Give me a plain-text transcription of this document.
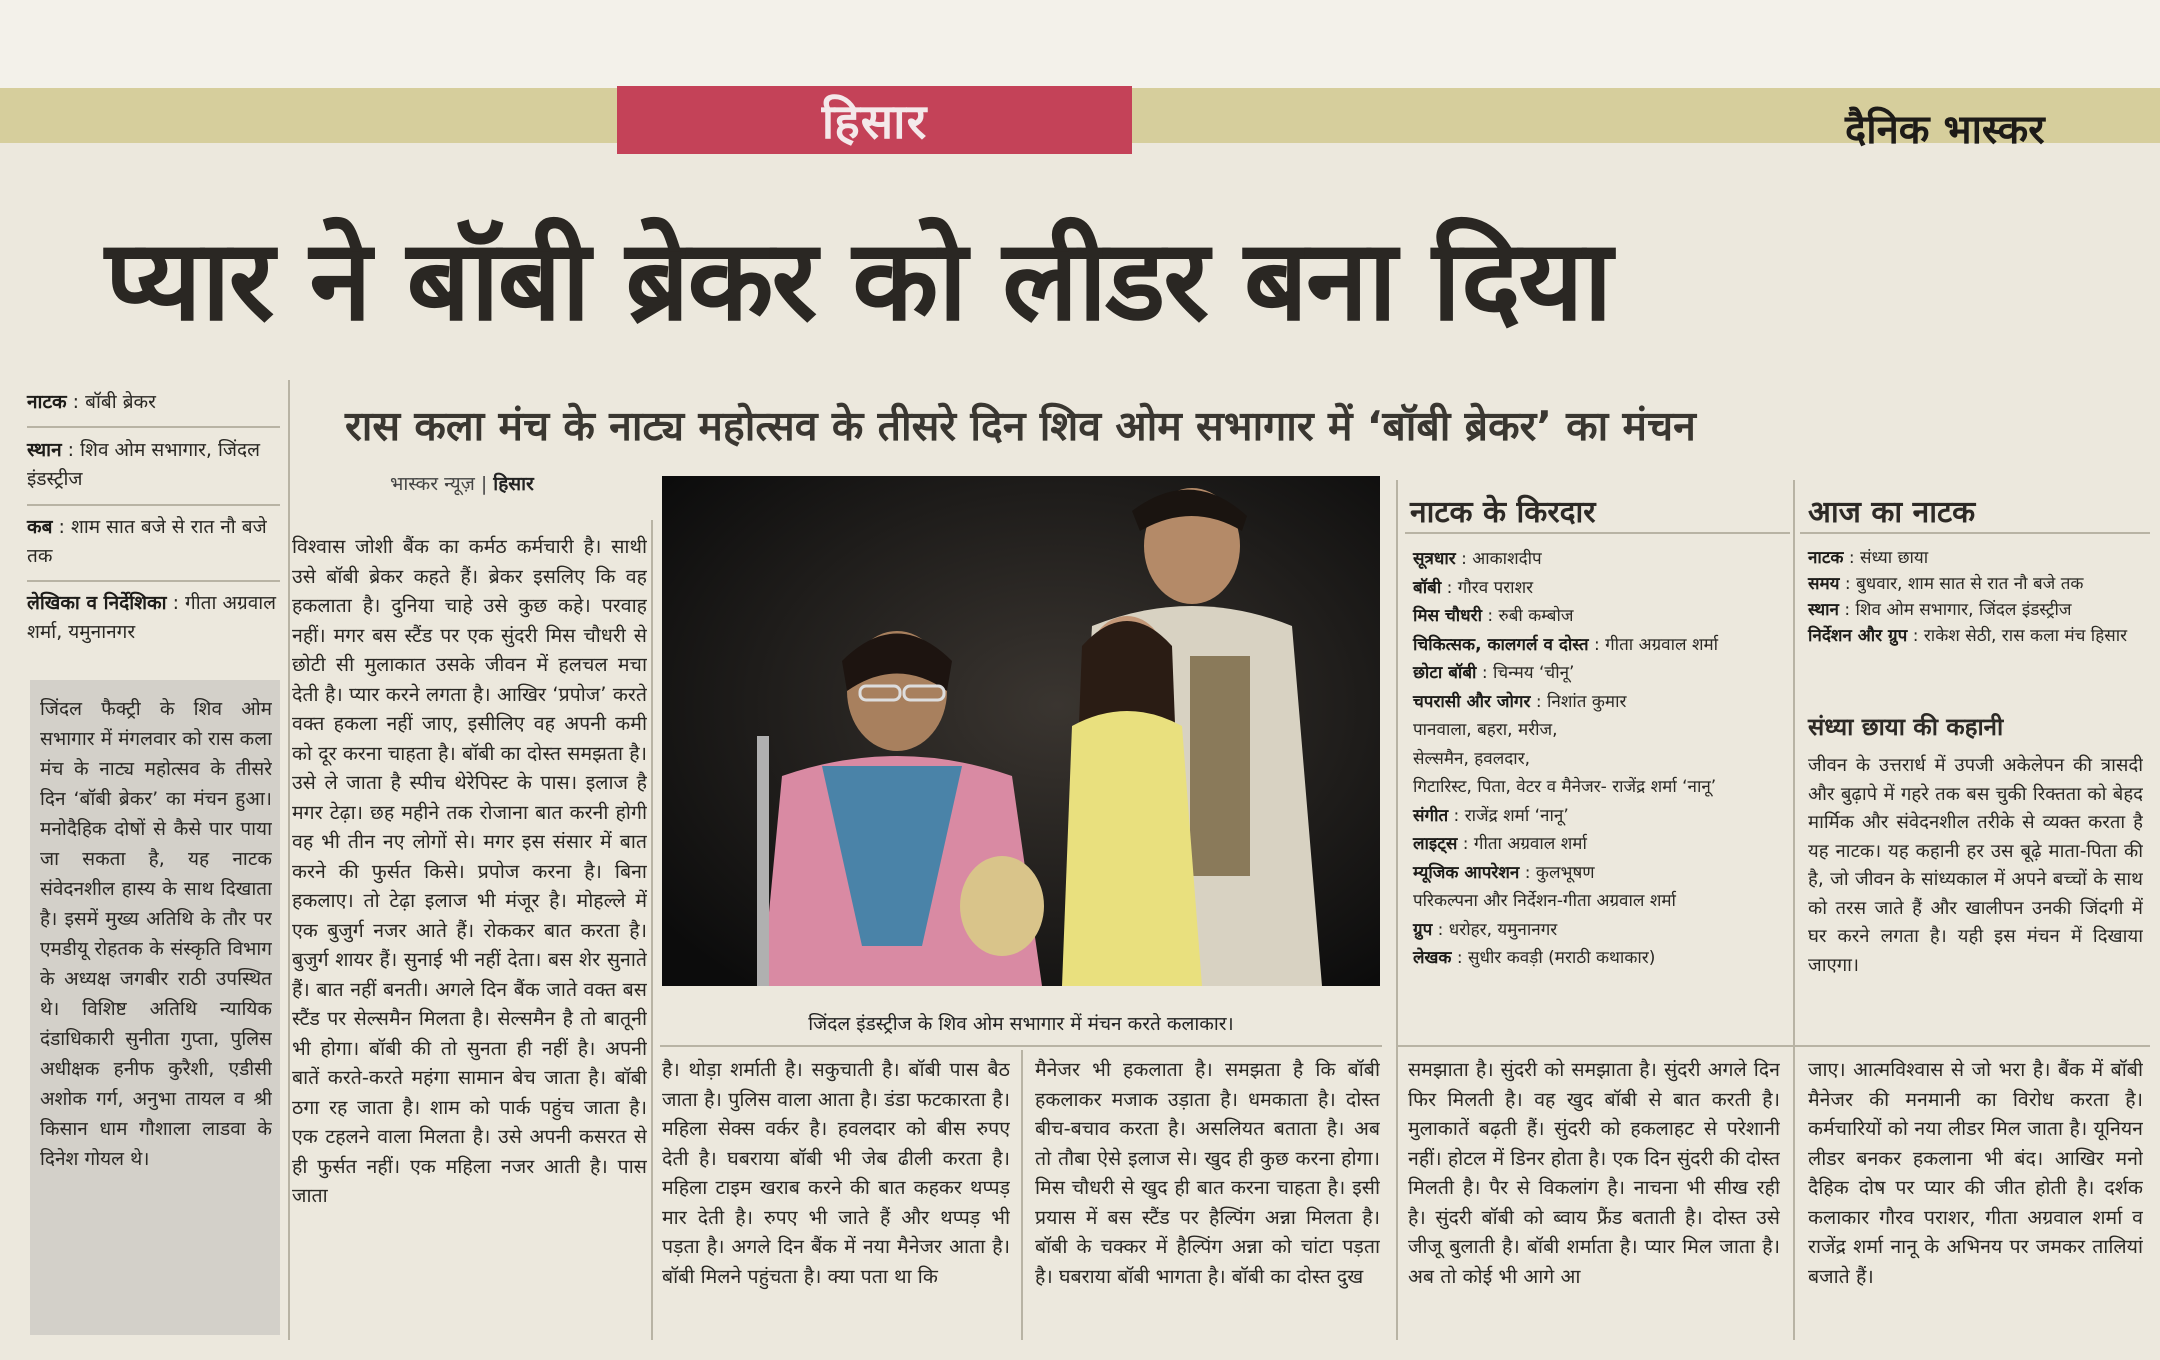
हिसार	दैनिक भास्कर
प्यार ने बॉबी ब्रेकर को लीडर बना दिया
रास कला मंच के नाट्य महोत्सव के तीसरे दिन शिव ओम सभागार में ‘बॉबी ब्रेकर’ का मंचन
भास्कर न्यूज़ | हिसार
नाटक : बॉबी ब्रेकर
स्थान : शिव ओम सभागार, जिंदल इंडस्ट्रीज
कब : शाम सात बजे से रात नौ बजे तक
लेखिका व निर्देशिका : गीता अग्रवाल शर्मा, यमुनानगर

जिंदल फैक्ट्री के शिव ओम सभागार में मंगलवार को रास कला मंच के नाट्य महोत्सव के तीसरे दिन ‘बॉबी ब्रेकर’ का मंचन हुआ। मनोदैहिक दोषों से कैसे पार पाया जा सकता है, यह नाटक संवेदनशील हास्य के साथ दिखाता है। इसमें मुख्य अतिथि के तौर पर एमडीयू रोहतक के संस्कृति विभाग के अध्यक्ष जगबीर राठी उपस्थित थे। विशिष्ट अतिथि न्यायिक दंडाधिकारी सुनीता गुप्ता, पुलिस अधीक्षक हनीफ कुरैशी, एडीसी अशोक गर्ग, अनुभा तायल व श्री किसान धाम गौशाला लाडवा के दिनेश गोयल थे।

विश्वास जोशी बैंक का कर्मठ कर्मचारी है। साथी उसे बॉबी ब्रेकर कहते हैं। ब्रेकर इसलिए कि वह हकलाता है। दुनिया चाहे उसे कुछ कहे। परवाह नहीं। मगर बस स्टैंड पर एक सुंदरी मिस चौधरी से छोटी सी मुलाकात उसके जीवन में हलचल मचा देती है। प्यार करने लगता है। आखिर ‘प्रपोज’ करते वक्त हकला नहीं जाए, इसीलिए वह अपनी कमी को दूर करना चाहता है। बॉबी का दोस्त समझता है। उसे ले जाता है स्पीच थेरेपिस्ट के पास। इलाज है मगर टेढ़ा। छह महीने तक रोजाना बात करनी होगी वह भी तीन नए लोगों से। मगर इस संसार में बात करने की फुर्सत किसे। प्रपोज करना है। बिना हकलाए। तो टेढ़ा इलाज भी मंजूर है। मोहल्ले में एक बुजुर्ग नजर आते हैं। रोककर बात करता है। बुजुर्ग शायर हैं। सुनाई भी नहीं देता। बस शेर सुनाते हैं। बात नहीं बनती। अगले दिन बैंक जाते वक्त बस स्टैंड पर सेल्समैन मिलता है। सेल्समैन है तो बातूनी भी होगा। बॉबी की तो सुनता ही नहीं है। अपनी बातें करते-करते महंगा सामान बेच जाता है। बॉबी ठगा रह जाता है। शाम को पार्क पहुंच जाता है। एक टहलने वाला मिलता है। उसे अपनी कसरत से ही फुर्सत नहीं। एक महिला नजर आती है। पास जाता

जिंदल इंडस्ट्रीज के शिव ओम सभागार में मंचन करते कलाकार।

है। थोड़ा शर्माती है। सकुचाती है। बॉबी पास बैठ जाता है। पुलिस वाला आता है। डंडा फटकारता है। महिला सेक्स वर्कर है। हवलदार को बीस रुपए देती है। घबराया बॉबी भी जेब ढीली करता है। महिला टाइम खराब करने की बात कहकर थप्पड़ मार देती है। रुपए भी जाते हैं और थप्पड़ भी पड़ता है। अगले दिन बैंक में नया मैनेजर आता है। बॉबी मिलने पहुंचता है। क्या पता था कि

मैनेजर भी हकलाता है। समझता है कि बॉबी हकलाकर मजाक उड़ाता है। धमकाता है। दोस्त बीच-बचाव करता है। असलियत बताता है। अब तो तौबा ऐसे इलाज से। खुद ही कुछ करना होगा। मिस चौधरी से खुद ही बात करना चाहता है। इसी प्रयास में बस स्टैंड पर हैल्पिंग अन्ना मिलता है। बॉबी के चक्कर में हैल्पिंग अन्ना को चांटा पड़ता है। घबराया बॉबी भागता है। बॉबी का दोस्त दुख

नाटक के किरदार
सूत्रधार : आकाशदीप
बॉबी : गौरव पराशर
मिस चौधरी : रुबी कम्बोज
चिकित्सक, कालगर्ल व दोस्त : गीता अग्रवाल शर्मा
छोटा बॉबी : चिन्मय ‘चीनू’
चपरासी और जोगर : निशांत कुमार
पानवाला, बहरा, मरीज,
सेल्समैन, हवलदार,
गिटारिस्ट, पिता, वेटर व मैनेजर- राजेंद्र शर्मा ‘नानू’
संगीत : राजेंद्र शर्मा ‘नानू’
लाइट्स : गीता अग्रवाल शर्मा
म्यूजिक आपरेशन : कुलभूषण
परिकल्पना और निर्देशन-गीता अग्रवाल शर्मा
ग्रुप : धरोहर, यमुनानगर
लेखक : सुधीर कवड़ी (मराठी कथाकार)
आज का नाटक
नाटक : संध्या छाया
समय : बुधवार, शाम सात से रात नौ बजे तक
स्थान : शिव ओम सभागार, जिंदल इंडस्ट्रीज
निर्देशन और ग्रुप : राकेश सेठी, रास कला मंच हिसार
संध्या छाया की कहानी

जीवन के उत्तरार्ध में उपजी अकेलेपन की त्रासदी और बुढ़ापे में गहरे तक बस चुकी रिक्तता को बेहद मार्मिक और संवेदनशील तरीके से व्यक्त करता है यह नाटक। यह कहानी हर उस बूढ़े माता-पिता की है, जो जीवन के सांध्यकाल में अपने बच्चों के साथ को तरस जाते हैं और खालीपन उनकी जिंदगी में घर करने लगता है। यही इस मंचन में दिखाया जाएगा।

समझाता है। सुंदरी को समझाता है। सुंदरी अगले दिन फिर मिलती है। वह खुद बॉबी से बात करती है। मुलाकातें बढ़ती हैं। सुंदरी को हकलाहट से परेशानी नहीं। होटल में डिनर होता है। एक दिन सुंदरी की दोस्त मिलती है। पैर से विकलांग है। नाचना भी सीख रही है। सुंदरी बॉबी को ब्वाय फ्रैंड बताती है। दोस्त उसे जीजू बुलाती है। बॉबी शर्माता है। प्यार मिल जाता है। अब तो कोई भी आगे आ

जाए। आत्मविश्वास से जो भरा है। बैंक में बॉबी मैनेजर की मनमानी का विरोध करता है। कर्मचारियों को नया लीडर मिल जाता है। यूनियन लीडर बनकर हकलाना भी बंद। आखिर मनो दैहिक दोष पर प्यार की जीत होती है। दर्शक कलाकार गौरव पराशर, गीता अग्रवाल शर्मा व राजेंद्र शर्मा नानू के अभिनय पर जमकर तालियां बजाते हैं।
